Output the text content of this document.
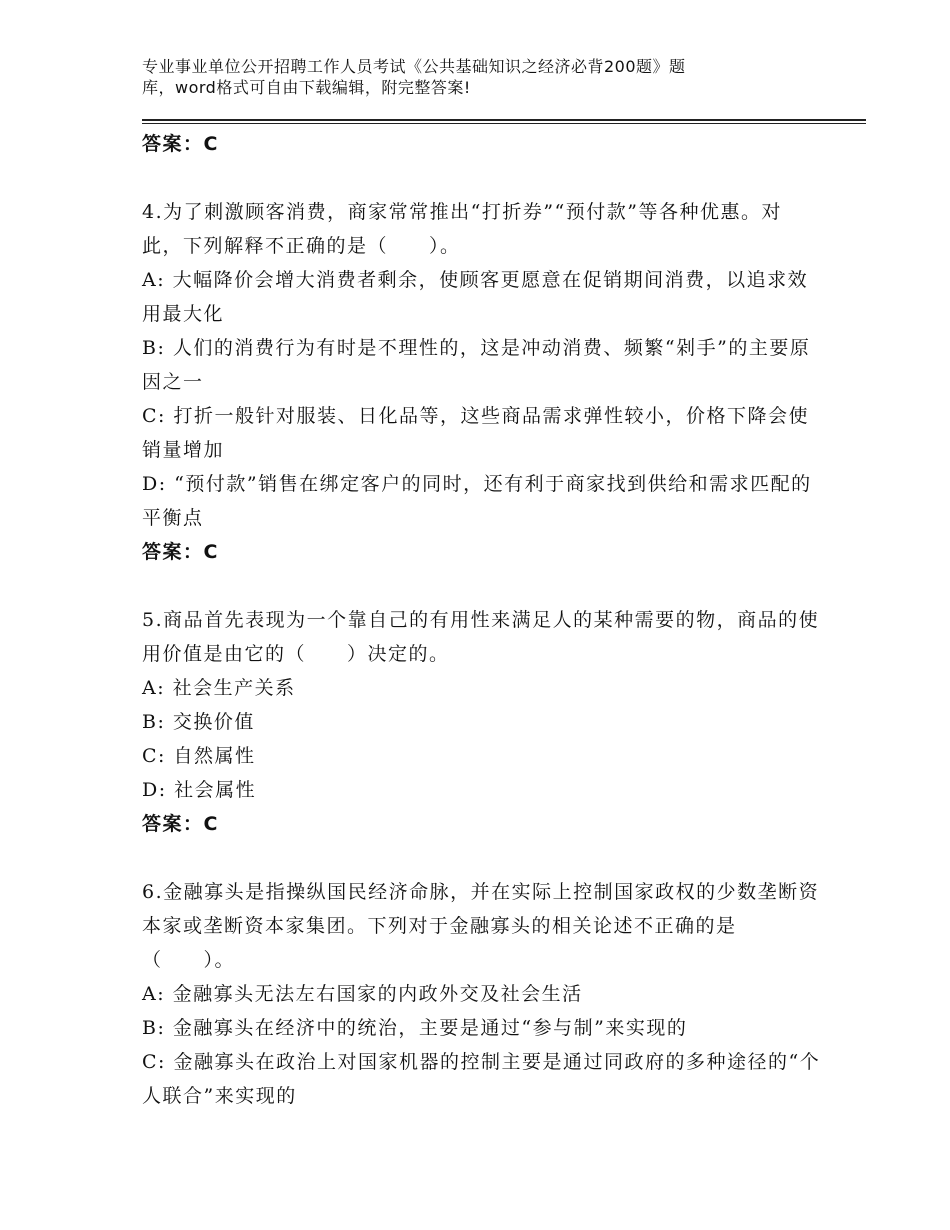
专业事业单位公开招聘工作人员考试《公共基础知识之经济必背200题》题
库，word格式可自由下载编辑，附完整答案!
答案：C

4.为了刺激顾客消费，商家常常推出“打折券”“预付款”等各种优惠。对此，下列解释不正确的是（　　）。

A: 大幅降价会增大消费者剩余，使顾客更愿意在促销期间消费，以追求效用最大化

B: 人们的消费行为有时是不理性的，这是冲动消费、频繁“剁手”的主要原因之一

C: 打折一般针对服装、日化品等，这些商品需求弹性较小，价格下降会使销量增加

D: “预付款”销售在绑定客户的同时，还有利于商家找到供给和需求匹配的平衡点

答案：C

5.商品首先表现为一个靠自己的有用性来满足人的某种需要的物，商品的使用价值是由它的（　　）决定的。

A: 社会生产关系

B: 交换价值

C: 自然属性

D: 社会属性

答案：C

6.金融寡头是指操纵国民经济命脉，并在实际上控制国家政权的少数垄断资本家或垄断资本家集团。下列对于金融寡头的相关论述不正确的是（　　）。

A: 金融寡头无法左右国家的内政外交及社会生活

B: 金融寡头在经济中的统治，主要是通过“参与制”来实现的

C: 金融寡头在政治上对国家机器的控制主要是通过同政府的多种途径的“个人联合”来实现的
